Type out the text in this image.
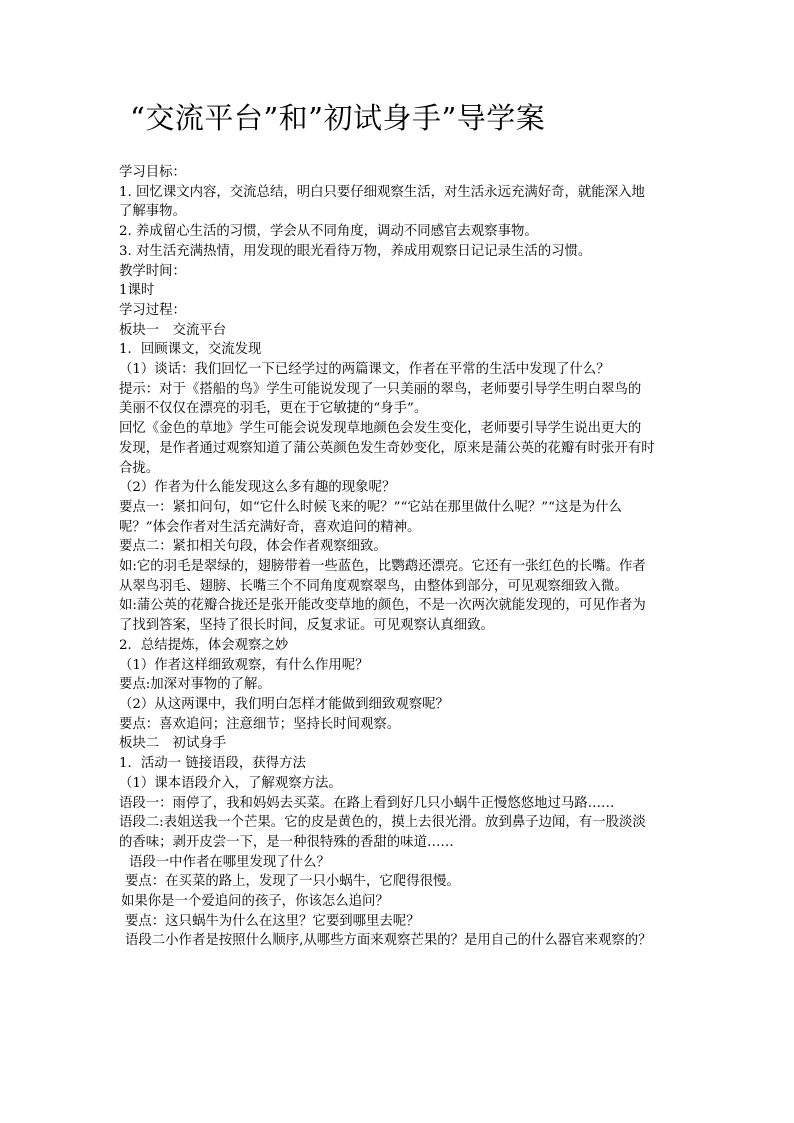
“交流平台”和”初试身手”导学案

学习目标：

1. 回忆课文内容，交流总结，明白只要仔细观察生活，对生活永远充满好奇，就能深入地

了解事物。

2. 养成留心生活的习惯，学会从不同角度，调动不同感官去观察事物。

3. 对生活充满热情，用发现的眼光看待万物，养成用观察日记记录生活的习惯。

教学时间：

1课时

学习过程：

板块一　交流平台

1．回顾课文，交流发现

（1）谈话：我们回忆一下已经学过的两篇课文，作者在平常的生活中发现了什么？

提示：对于《搭船的鸟》学生可能说发现了一只美丽的翠鸟，老师要引导学生明白翠鸟的

美丽不仅仅在漂亮的羽毛，更在于它敏捷的“身手”。

回忆《金色的草地》学生可能会说发现草地颜色会发生变化，老师要引导学生说出更大的

发现，是作者通过观察知道了蒲公英颜色发生奇妙变化，原来是蒲公英的花瓣有时张开有时

合拢。

（2）作者为什么能发现这么多有趣的现象呢？

要点一：紧扣问句，如“它什么时候飞来的呢？”“它站在那里做什么呢？”“这是为什么

呢？”体会作者对生活充满好奇，喜欢追问的精神。

要点二：紧扣相关句段，体会作者观察细致。

如:它的羽毛是翠绿的，翅膀带着一些蓝色，比鹦鹉还漂亮。它还有一张红色的长嘴。作者

从翠鸟羽毛、翅膀、长嘴三个不同角度观察翠鸟，由整体到部分，可见观察细致入微。

如:蒲公英的花瓣合拢还是张开能改变草地的颜色，不是一次两次就能发现的，可见作者为

了找到答案，坚持了很长时间，反复求证。可见观察认真细致。

2．总结提炼，体会观察之妙

（1）作者这样细致观察，有什么作用呢？

要点:加深对事物的了解。

（2）从这两课中，我们明白怎样才能做到细致观察呢？

要点：喜欢追问；注意细节；坚持长时间观察。

板块二　初试身手

1．活动一 链接语段，获得方法

（1）课本语段介入，了解观察方法。

语段一：雨停了，我和妈妈去买菜。在路上看到好几只小蜗牛正慢悠悠地过马路……

语段二:表姐送我一个芒果。它的皮是黄色的，摸上去很光滑。放到鼻子边闻，有一股淡淡

的香味；剥开皮尝一下，是一种很特殊的香甜的味道……

语段一中作者在哪里发现了什么？

要点：在买菜的路上，发现了一只小蜗牛，它爬得很慢。

如果你是一个爱追问的孩子，你该怎么追问？

要点：这只蜗牛为什么在这里？它要到哪里去呢？

语段二小作者是按照什么顺序,从哪些方面来观察芒果的？是用自己的什么器官来观察的？
